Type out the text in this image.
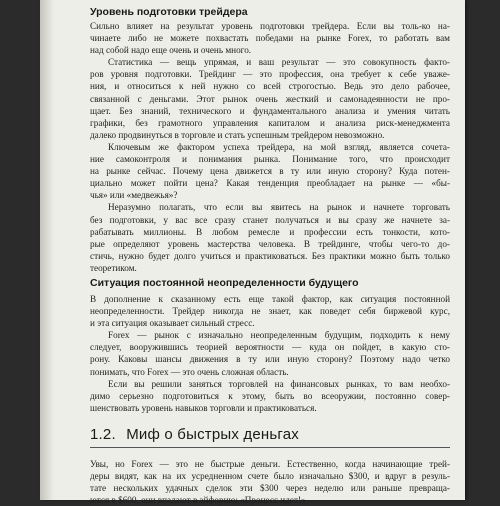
Уровень подготовки трейдера
Сильно влияет на результат уровень подготовки трейдера. Если вы толь-ко на-
чинаете либо не можете похвастать победами на рынке Forex, то работать вам
над собой надо еще очень и очень много.
Статистика — вещь упрямая, и ваш результат — это совокупность факто-
ров уровня подготовки. Трейдинг — это профессия, она требует к себе уваже-
ния, и относиться к ней нужно со всей строгостью. Ведь это дело рабочее,
связанной с деньгами. Этот рынок очень жесткий и самонадеянности не про-
щает. Без знаний, технического и фундаментального анализа и умения читать
графики, без грамотного управления капиталом и анализа риск-менеджмента
далеко продвинуться в торговле и стать успешным трейдером невозможно.
Ключевым же фактором успеха трейдера, на мой взгляд, является сочета-
ние самоконтроля и понимания рынка. Понимание того, что происходит
на рынке сейчас. Почему цена движется в ту или иную сторону? Куда потен-
циально может пойти цена? Какая тенденция преобладает на рынке — «бы-
чья» или «медвежья»?
Неразумно полагать, что если вы явитесь на рынок и начнете торговать
без подготовки, у вас все сразу станет получаться и вы сразу же начнете за-
рабатывать миллионы. В любом ремесле и профессии есть тонкости, кото-
рые определяют уровень мастерства человека. В трейдинге, чтобы чего-то до-
стичь, нужно будет долго учиться и практиковаться. Без практики можно быть только
теоретиком.
Ситуация постоянной неопределенности будущего
В дополнение к сказанному есть еще такой фактор, как ситуация постоянной
неопределенности. Трейдер никогда не знает, как поведет себя биржевой курс,
и эта ситуация оказывает сильный стресс.
Forex — рынок с изначально неопределенным будущим, подходить к нему
следует, вооружившись теорией вероятности — куда он пойдет, в какую сто-
рону. Каковы шансы движения в ту или иную сторону? Поэтому надо четко
понимать, что Forex — это очень сложная область.
Если вы решили заняться торговлей на финансовых рынках, то вам необхо-
димо серьезно подготовиться к этому, быть во всеоружии, постоянно совер-
шенствовать уровень навыков торговли и практиковаться.
1.2. Миф о быстрых деньгах
Увы, но Forex — это не быстрые деньги. Естественно, когда начинающие трей-
деры видят, как на их усредненном счете было изначально $300, и вдруг в резуль-
тате нескольких удачных сделок эти $300 через неделю или раньше превраща-
ются в $600, они впадают в эйфорию: «Процесс идет!»
